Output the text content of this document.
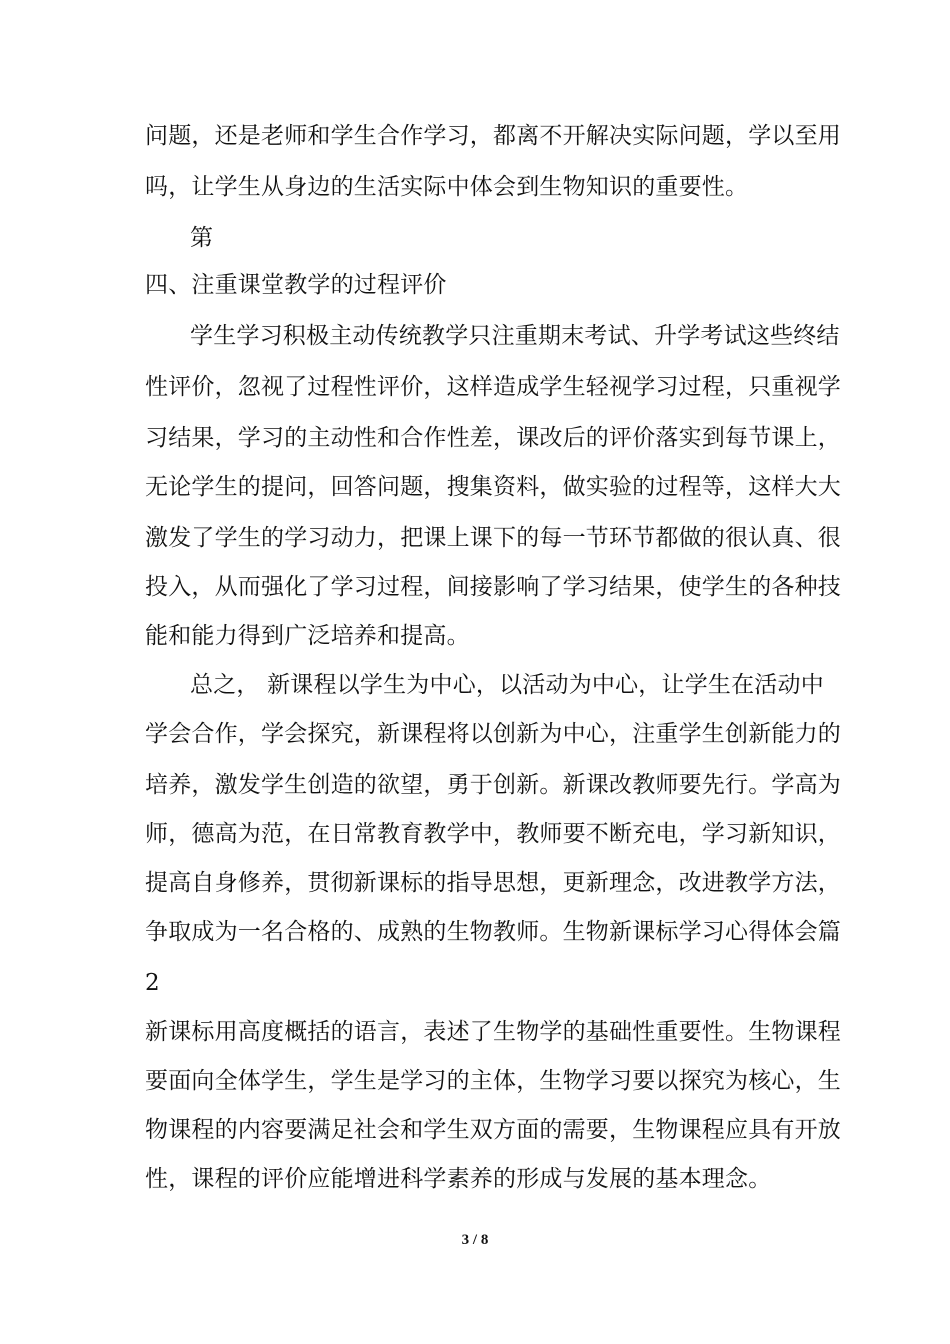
问题，还是老师和学生合作学习，都离不开解决实际问题，学以至用
吗，让学生从身边的生活实际中体会到生物知识的重要性。
第
四、注重课堂教学的过程评价
学生学习积极主动传统教学只注重期末考试、升学考试这些终结
性评价，忽视了过程性评价，这样造成学生轻视学习过程，只重视学
习结果，学习的主动性和合作性差，课改后的评价落实到每节课上，
无论学生的提问，回答问题，搜集资料，做实验的过程等，这样大大
激发了学生的学习动力，把课上课下的每一节环节都做的很认真、很
投入，从而强化了学习过程，间接影响了学习结果，使学生的各种技
能和能力得到广泛培养和提高。
总之， 新课程以学生为中心，以活动为中心，让学生在活动中
学会合作，学会探究，新课程将以创新为中心，注重学生创新能力的
培养，激发学生创造的欲望，勇于创新。新课改教师要先行。学高为
师，德高为范，在日常教育教学中，教师要不断充电，学习新知识，
提高自身修养，贯彻新课标的指导思想，更新理念，改进教学方法，
争取成为一名合格的、成熟的生物教师。生物新课标学习心得体会篇
2
新课标用高度概括的语言，表述了生物学的基础性重要性。生物课程
要面向全体学生，学生是学习的主体，生物学习要以探究为核心，生
物课程的内容要满足社会和学生双方面的需要，生物课程应具有开放
性，课程的评价应能增进科学素养的形成与发展的基本理念。
3 / 8
